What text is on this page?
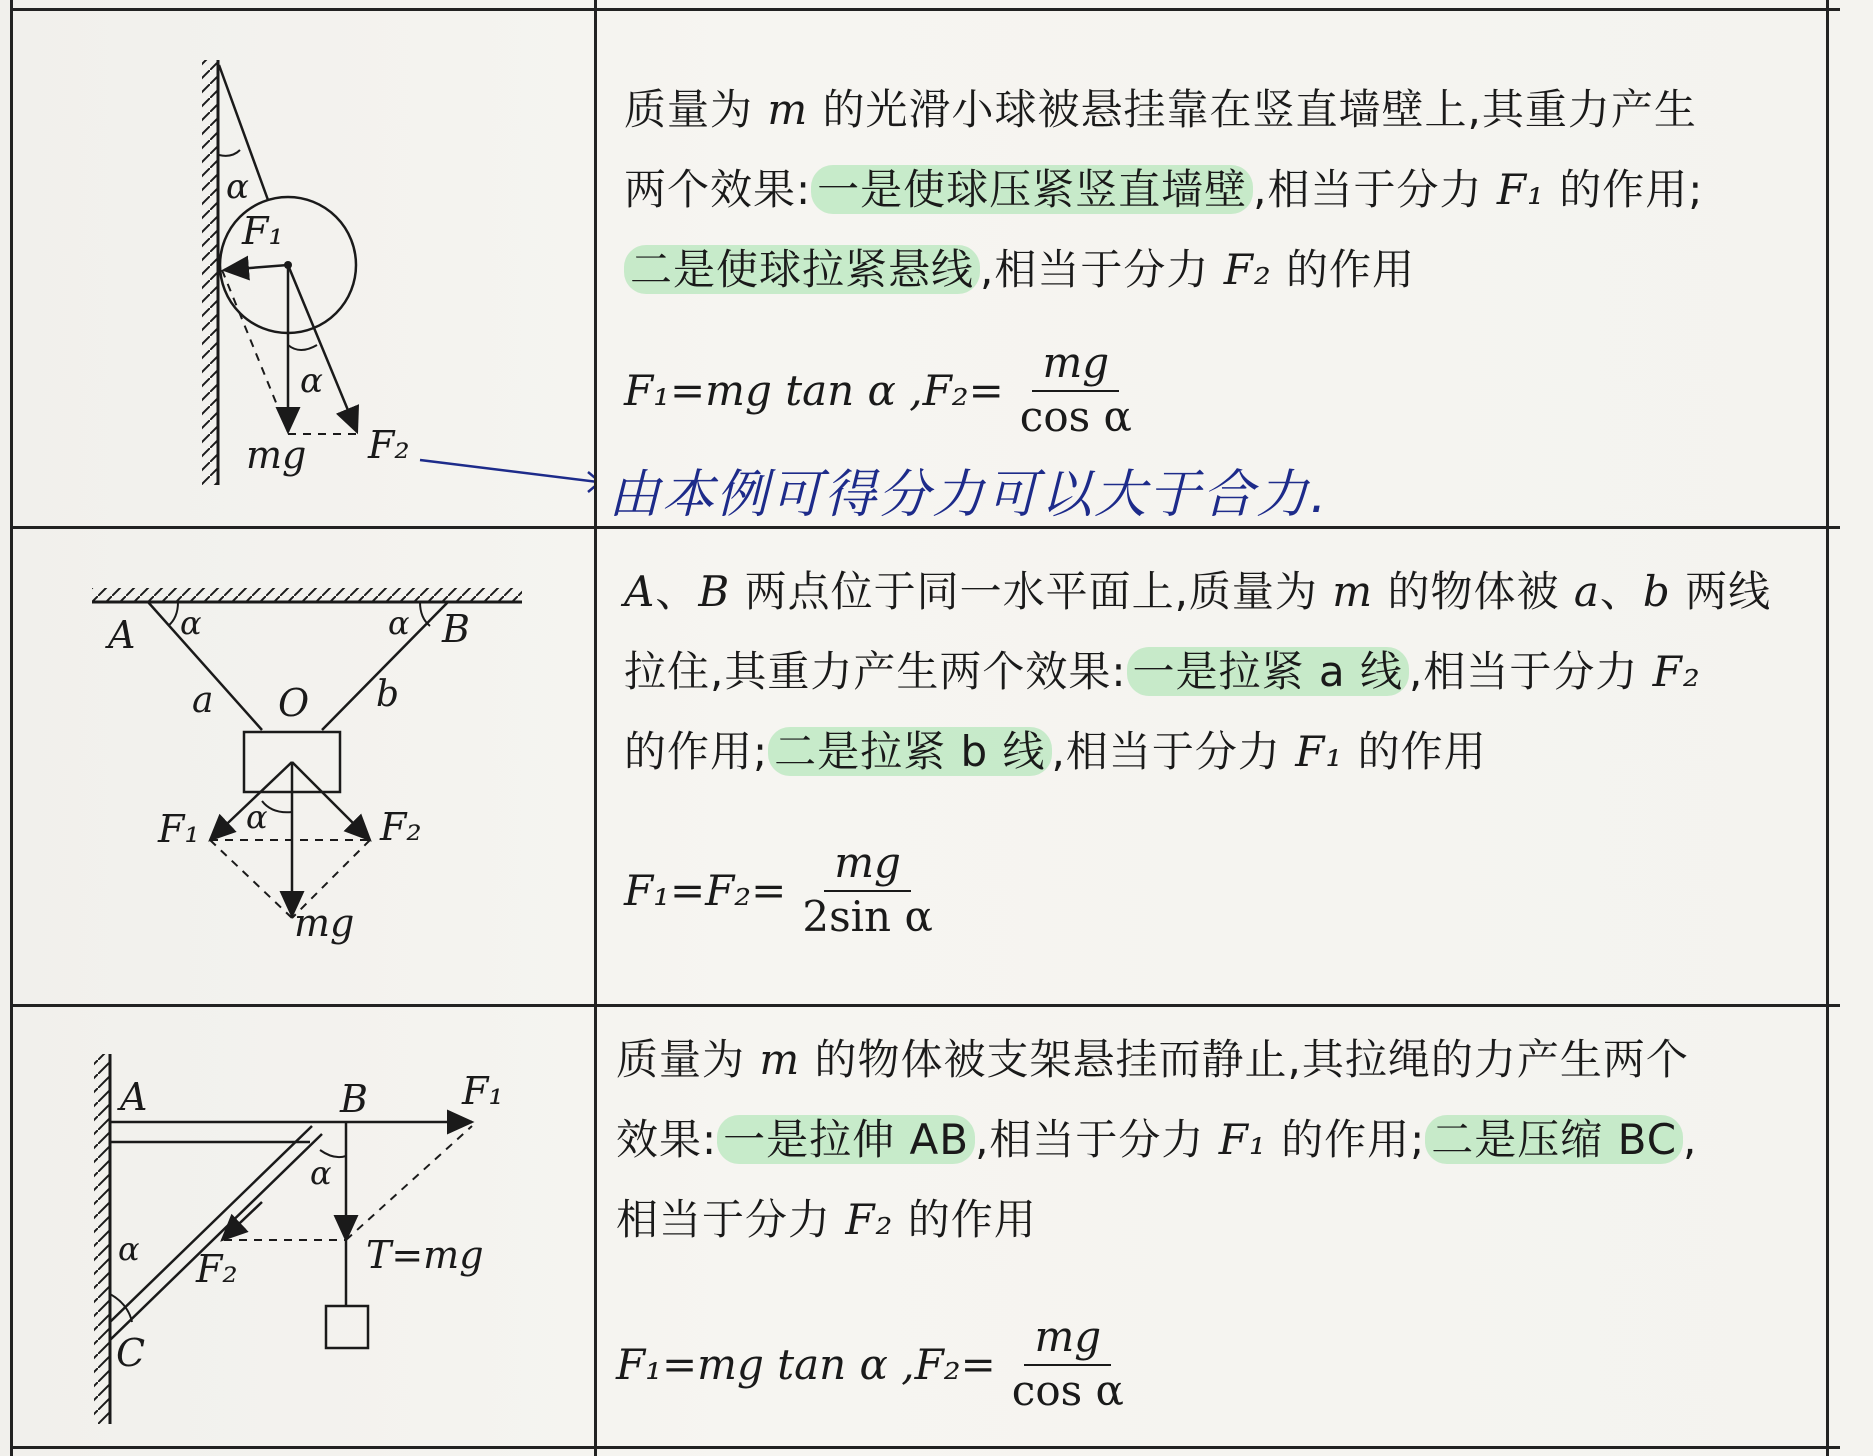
α
F₁
α
mg F₂

质量为 m 的光滑小球被悬挂靠在竖直墙壁上,其重力产生

两个效果: 一是使球压紧竖直墙壁 ,相当于分力 F₁ 的作用;

二是使球拉紧悬线 ,相当于分力 F₂ 的作用

F₁=mg tan α $,F_2= \frac{mg}{\text{cos α}}$
由本例可得分力可以大于合力.
A α	α B
a O b
F₁ α	F₂
mg

A、B 两点位于同一水平面上,质量为 m 的物体被 a、b 两线

拉住,其重力产生两个效果: 一是拉紧 a 线 ,相当于分力 F₂

的作用; 二是拉紧 b 线 ,相当于分力 F₁ 的作用

$F_1=F_2= \frac{mg}{\text{2sin α}}$
A	B F₁
α
α F₂	T=mg
C

质量为 m 的物体被支架悬挂而静止,其拉绳的力产生两个

效果: 一是拉伸 AB ,相当于分力 F₁ 的作用; 二是压缩 BC ,

相当于分力 F₂ 的作用

F₁=mg tan α $,F_2= \frac{mg}{\text{cos α}}$
